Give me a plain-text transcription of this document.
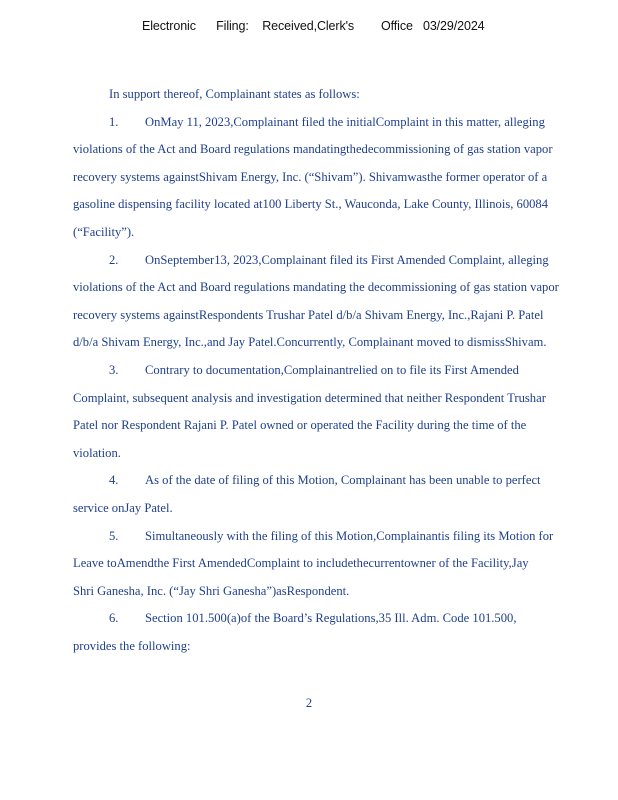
Electronic      Filing:    Received,Clerk's        Office   03/29/2024
In support thereof, Complainant states as follows:
1. OnMay 11, 2023,Complainant filed the initialComplaint in this matter, alleging
violations of the Act and Board regulations mandatingthedecommissioning of gas station vapor
recovery systems againstShivam Energy, Inc. (“Shivam”). Shivamwasthe former operator of a
gasoline dispensing facility located at100 Liberty St., Wauconda, Lake County, Illinois, 60084
(“Facility”).
2. OnSeptember13, 2023,Complainant filed its First Amended Complaint, alleging
violations of the Act and Board regulations mandating the decommissioning of gas station vapor
recovery systems againstRespondents Trushar Patel d/b/a Shivam Energy, Inc.,Rajani P. Patel
d/b/a Shivam Energy, Inc.,and Jay Patel.Concurrently, Complainant moved to dismissShivam.
3. Contrary to documentation,Complainantrelied on to file its First Amended
Complaint, subsequent analysis and investigation determined that neither Respondent Trushar
Patel nor Respondent Rajani P. Patel owned or operated the Facility during the time of the
violation.
4. As of the date of filing of this Motion, Complainant has been unable to perfect
service onJay Patel.
5. Simultaneously with the filing of this Motion,Complainantis filing its Motion for
Leave toAmendthe First AmendedComplaint to includethecurrentowner of the Facility,Jay
Shri Ganesha, Inc. (“Jay Shri Ganesha”)asRespondent.
6. Section 101.500(a)of the Board’s Regulations,35 Ill. Adm. Code 101.500,
provides the following:
2
